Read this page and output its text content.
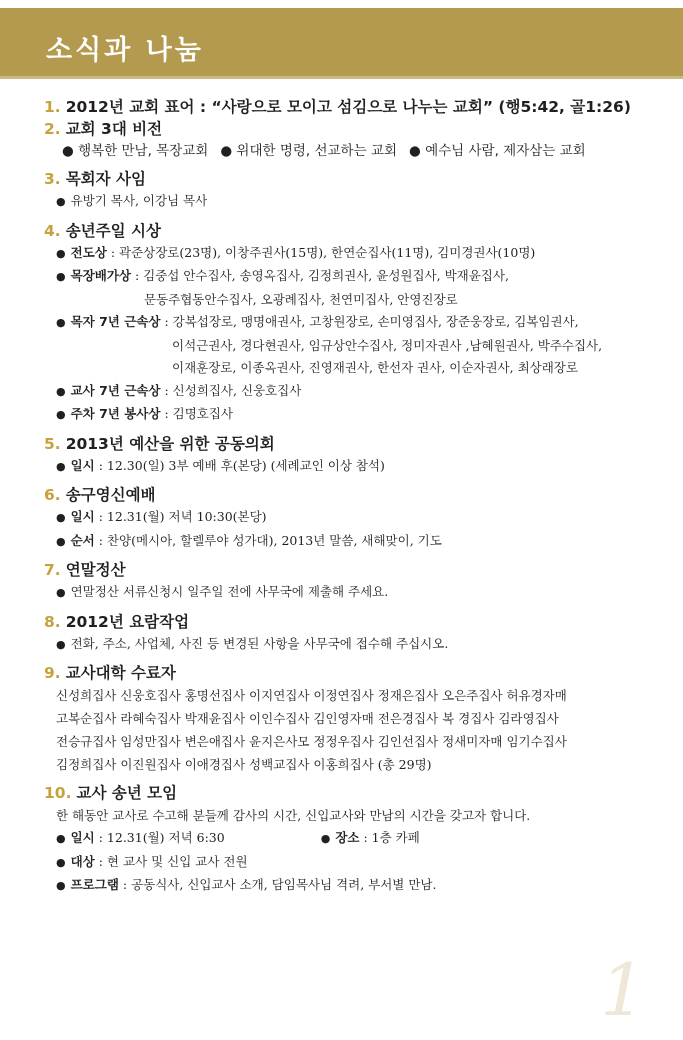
소식과 나눔
1. 2012년 교회 표어 : “사랑으로 모이고 섬김으로 나누는 교회” (행5:42, 골1:26)
2. 교회 3대 비전
● 행복한 만남, 목장교회 ● 위대한 명령, 선교하는 교회 ● 예수님 사람, 제자삼는 교회
3. 목회자 사임
● 유방기 목사, 이강님 목사
4. 송년주일 시상
● 전도상 : 곽준상장로(23명), 이창주권사(15명), 한연순집사(11명), 김미경권사(10명)
● 목장배가상 : 김중섭 안수집사, 송영옥집사, 김정희권사, 윤성원집사, 박재윤집사,
문동주협동안수집사, 오광례집사, 천연미집사, 안영진장로
● 목자 7년 근속상 : 강복섭장로, 맹명애권사, 고창원장로, 손미영집사, 장준웅장로, 김복임권사,
이석근권사, 경다현권사, 임규상안수집사, 정미자권사 ,남혜원권사, 박주수집사,
이재훈장로, 이종옥권사, 진영재권사, 한선자 권사, 이순자권사, 최상래장로
● 교사 7년 근속상 : 신성희집사, 신웅호집사
● 주차 7년 봉사상 : 김명호집사
5. 2013년 예산을 위한 공동의회
● 일시 : 12.30(일) 3부 예배 후(본당) (세례교인 이상 참석)
6. 송구영신예배
● 일시 : 12.31(월) 저녁 10:30(본당)
● 순서 : 찬양(메시아, 할렐루야 성가대), 2013년 말씀, 새해맞이, 기도
7. 연말정산
● 연말정산 서류신청시 일주일 전에 사무국에 제출해 주세요.
8. 2012년 요람작업
● 전화, 주소, 사업체, 사진 등 변경된 사항을 사무국에 접수해 주십시오.
9. 교사대학 수료자
신성희집사 신웅호집사 홍명선집사 이지연집사 이정연집사 정재은집사 오은주집사 허유경자매
고복순집사 라혜숙집사 박재윤집사 이인수집사 김인영자매 전은경집사 복 경집사 김라영집사
전승규집사 임성만집사 변은애집사 윤지은사모 정정우집사 김인선집사 정새미자매 임기수집사
김정희집사 이진원집사 이애경집사 성백교집사 이홍희집사 (총 29명)
10. 교사 송년 모임
한 해동안 교사로 수고해 분들께 감사의 시간, 신입교사와 만남의 시간을 갖고자 합니다.
● 일시 : 12.31(월) 저녁 6:30	● 장소 : 1층 카페
● 대상 : 현 교사 및 신입 교사 전원
● 프로그램 : 공동식사, 신입교사 소개, 담임목사님 격려, 부서별 만남.
1
